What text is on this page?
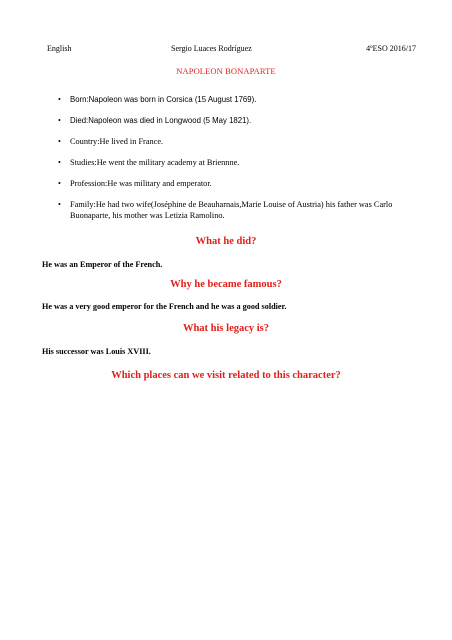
English	Sergio Luaces Rodríguez	4ºESO 2016/17
NAPOLEON BONAPARTE
• Born:Napoleon was born in Corsica (15 August 1769).
• Died:Napoleon was died in Longwood (5 May 1821).
• Country:He lived in France.
• Studies:He went the military academy at Briennne.
• Profession:He was military and emperator.
• Family:He had two wife(Joséphine de Beauharnais,Marie Louise of Austria) his father was Carlo Buonaparte, his mother was Letizia Ramolino.
What he did?
He was an Emperor of the French.
Why he became famous?
He was a very good emperor for the French and he was a good soldier.
What his legacy is?
His successor was Louis XVIII.
Which places can we visit related to this character?
